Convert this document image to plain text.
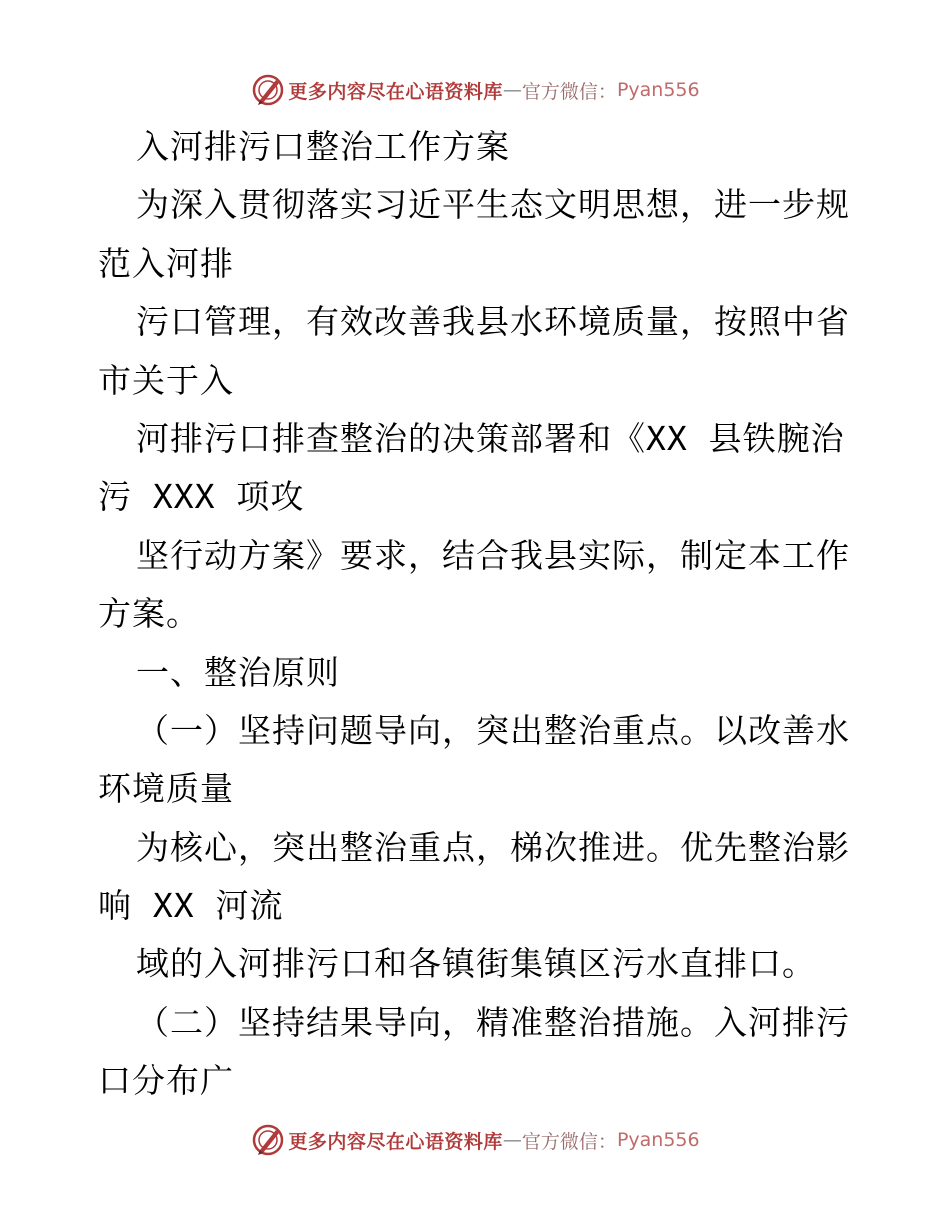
更多内容尽在心语资料库 — 官方微信： Pyan556
入河排污口整治工作方案
为深入贯彻落实习近平生态文明思想，进一步规
范入河排
污口管理，有效改善我县水环境质量，按照中省
市关于入
河排污口排查整治的决策部署和《XX 县铁腕治
污 XXX 项攻
坚行动方案》要求，结合我县实际，制定本工作
方案。
一、整治原则
（一）坚持问题导向，突出整治重点。以改善水
环境质量
为核心，突出整治重点，梯次推进。优先整治影
响 XX 河流
域的入河排污口和各镇街集镇区污水直排口。
（二）坚持结果导向，精准整治措施。入河排污
口分布广
更多内容尽在心语资料库 — 官方微信： Pyan556
